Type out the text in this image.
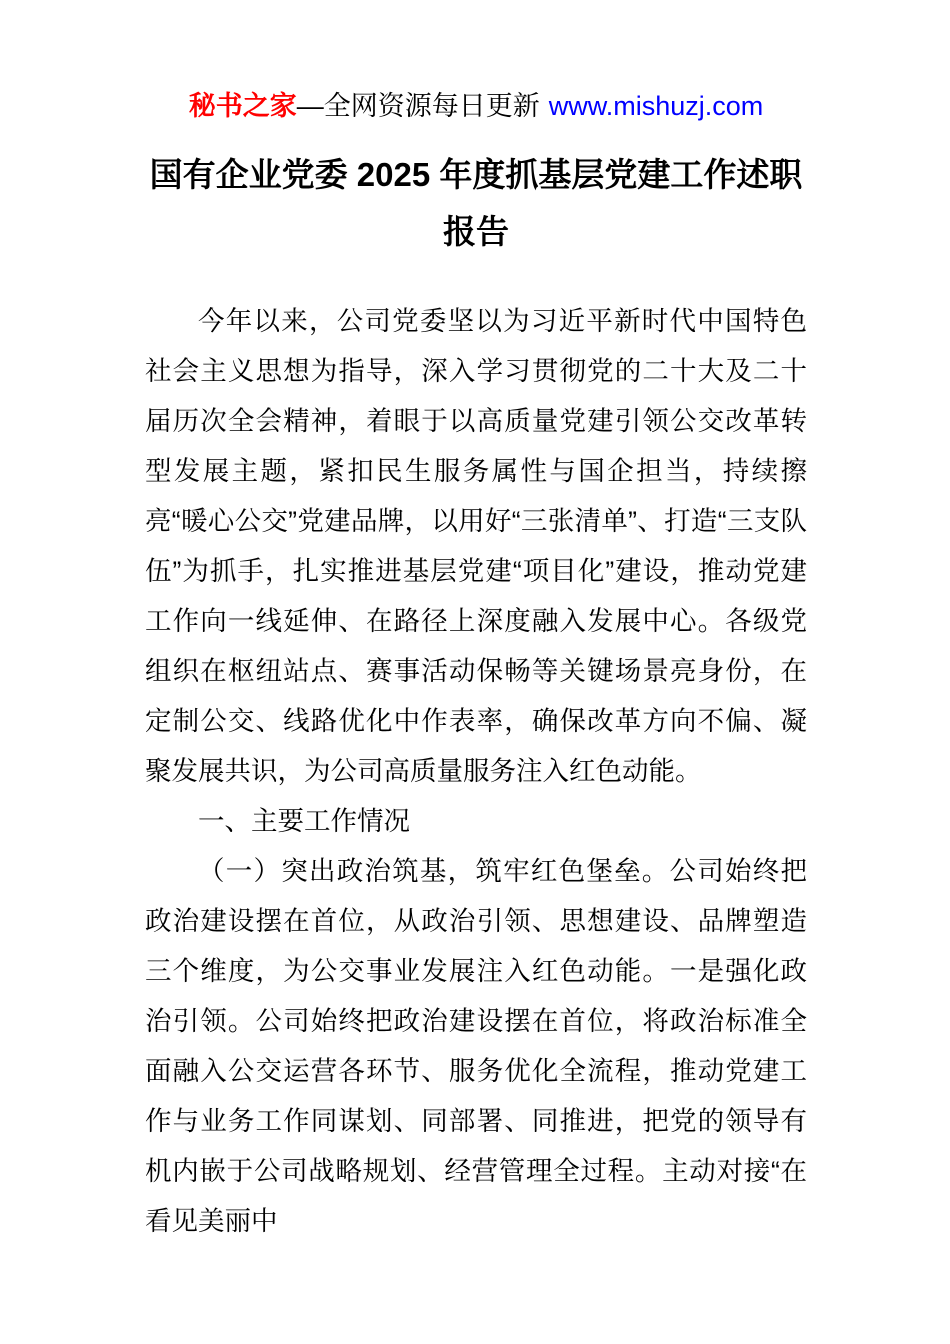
秘书之家—全网资源每日更新 www.mishuzj.com
国有企业党委 2025 年度抓基层党建工作述职
报告

今年以来，公司党委坚以为习近平新时代中国特色社会主义思想为指导，深入学习贯彻党的二十大及二十届历次全会精神，着眼于以高质量党建引领公交改革转型发展主题，紧扣民生服务属性与国企担当，持续擦亮“暖心公交”党建品牌，以用好“三张清单”、打造“三支队伍”为抓手，扎实推进基层党建“项目化”建设，推动党建工作向一线延伸、在路径上深度融入发展中心。各级党组织在枢纽站点、赛事活动保畅等关键场景亮身份，在定制公交、线路优化中作表率，确保改革方向不偏、凝聚发展共识，为公司高质量服务注入红色动能。

一、主要工作情况

（一）突出政治筑基，筑牢红色堡垒。公司始终把政治建设摆在首位，从政治引领、思想建设、品牌塑造三个维度，为公交事业发展注入红色动能。一是强化政治引领。公司始终把政治建设摆在首位，将政治标准全面融入公交运营各环节、服务优化全流程，推动党建工作与业务工作同谋划、同部署、同推进，把党的领导有机内嵌于公司战略规划、经营管理全过程。主动对接“在看见美丽中
